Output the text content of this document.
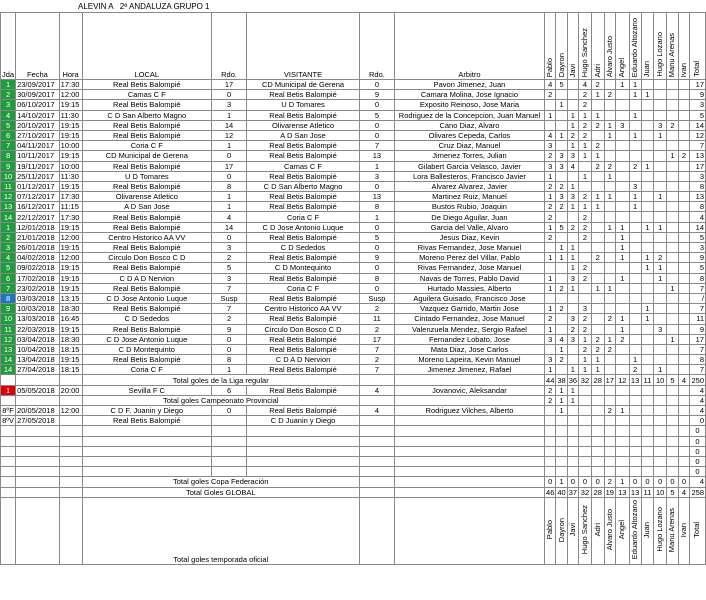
ALEVIN A   2ª ANDALUZA GRUPO 1
Jda	Fecha	Hora	LOCAL	Rdo.	VISITANTE	Rdo.	Arbitro	Pablo	Dayron	Javi	Hugo Sanchez	Adri	Alvaro Justo	Angel	Eduardo Altozano	Juan	Hugo Lozano	Manu Arenas	Ivan	Total
1	23/09/2017	17:30	Real Betis Balompié	17	CD Municipal de Gerena	0	Pavon Jimenez, Juan	4	5		4	2		1	1					17
2	30/09/2017	12:00	Camas C F	0	Real Betis Balompié	9	Camara Molina, Jose Ignacio	2			2	1	2		1	1				9
3	06/10/2017	19:15	Real Betis Balompié	3	U D Tomares	0	Exposito Reinoso, Jose Maria		1		2									3
4	14/10/2017	11:30	C D San Alberto Magno	1	Real Betis Balompié	5	Rodriguez de la Concepcion, Juan Manuel	1		1	1	1			1					5
5	20/10/2017	19:15	Real Betis Balompié	14	Olivarense Atletico	0	Cano Diaz, Alvaro			1	2	2	1	3			3	2		14
6	27/10/2017	19:15	Real Betis Balompié	12	A D San Jose	0	Olivares Cepeda, Carlos	4	1	2	2		1		1		1			12
7	04/11/2017	10:00	Coria C F	1	Real Betis Balompié	7	Cruz Diaz, Manuel	3		1	1	2								7
8	10/11/2017	19:15	CD Municipal de Gerena	0	Real Betis Balompié	13	Jimenez Torres, Julian	2	3	3	1	1						1	2	13
9	19/11/2017	10:00	Real Betis Balompié	17	Camas C F	1	Gilabert Garcia Velasco, Javier	3	3	4		2	2		2	1				17
10	25/11/2017	11:30	U D Tomares	0	Real Betis Balompié	3	Lora Ballesteros, Francisco Javier	1			1		1							3
11	01/12/2017	19:15	Real Betis Balompié	8	C D San Alberto Magno	0	Alvarez Alvarez, Javier	2	2	1					3					8
12	07/12/2017	17:30	Olivarense Atletico	1	Real Betis Balompié	13	Martinez Ruiz, Manuel	1	3	3	2	1	1		1		1			13
13	16/12/2017	11:15	A D San Jose	1	Real Betis Balompié	8	Bustos Rubio, Joaquin	2	2	1	1	1			1					8
14	22/12/2017	17:30	Real Betis Balompié	4	Coria C F	1	De Diego Aguilar, Juan	2			2									4
1	12/01/2018	19:15	Real Betis Balompié	14	C D Jose Antonio Luque	0	Garcia del Valle, Alvaro	1	5	2	2		1	1		1	1			14
2	21/01/2018	12:00	Centro Historico AA VV	0	Real Betis Balompié	5	Jesus Diaz, Kevin	2			2			1						5
3	26/01/2018	19:15	Real Betis Balompié	3	C D Sededos	0	Rivas Fernandez, Jose Manuel		1	1				1						3
4	04/02/2018	12:00	Circulo Don Bosco C D	2	Real Betis Balompié	9	Moreno Perez del Villar, Pablo	1	1	1		2		1		1	2			9
5	09/02/2018	19:15	Real Betis Balompié	5	C D Montequinto	0	Rivas Fernandez, Jose Manuel			1	2					1	1			5
6	17/02/2018	19:15	C D A D Nervion	3	Real Betis Balompié	8	Navas de Torres, Pablo David	1		3	2			1			1			8
7	23/02/2018	19:15	Real Betis Balompié	7	Coria C F	0	Hurtado Massies, Alberto	1	2	1		1	1					1		7
8	03/03/2018	13:15	C D Jose Antonio Luque	Susp	Real Betis Balompié	Susp	Aguilera Guisado, Francisco Jose													/
9	10/03/2018	18:30	Real Betis Balompié	7	Centro Historico AA VV	2	Vazquez Garrido, Martin Jose	1	2		3					1				7
10	13/03/2018	16:45	C D Sededos	2	Real Betis Balompié	11	Cintado Fernandez, Jose Manuel	2		3	2		2	1		1				11
11	22/03/2018	19:15	Real Betis Balompié	9	Circulo Don Bosco C D	2	Valenzuela Mendez, Sergio Rafael	1		2	2			1			3			9
12	03/04/2018	18:30	C D Jose Antonio Luque	0	Real Betis Balompié	17	Fernandez Lobato, Jose	3	4	3	1	2	1	2				1		17
13	10/04/2018	18:15	C D Montequinto	0	Real Betis Balompié	7	Mata Diaz, Jose Carlos		1		2	2	2							7
14	13/04/2018	19:15	Real Betis Balompié	8	C D A D Nervion	2	Moreno Lapeira, Kevin Manuel	3	2		1	1			1					8
14	27/04/2018	18:15	Coria C F	1	Real Betis Balompié	7	Jimenez Jimenez, Rafael	1		1	1	1			2		1			7
			Total goles de la Liga regular					44	38	36	32	28	17	12	13	11	10	5	4	250
1	05/05/2018	20:00	Sevilla F C	6	Real Betis Balompié	4	Jovanovic, Aleksandar	2	1	1										4
			Total goles Campeonato Provincial					2	1	1										4
8ºF	20/05/2018	12:00	C D F. Juanin y Diego	0	Real Betis Balompié	4	Rodriguez Vilches, Alberto		1				2	1						4
8ºV	27/05/2018		Real Betis Balompié		C D Juanin y Diego															0
																				0
																				0
																				0
																				0
																				0
			Total goles Copa Federación					0	1	0	0	0	2	1	0	0	0	0	0	4
			Total Goles GLOBAL					46	40	37	32	28	19	13	13	11	10	5	4	258
			Total goles temporada oficial					Pablo	Dayron	Javi	Hugo Sanchez	Adri	Alvaro Justo	Angel	Eduardo Altozano	Juan	Hugo Lozano	Manu Arenas	Ivan	Total
